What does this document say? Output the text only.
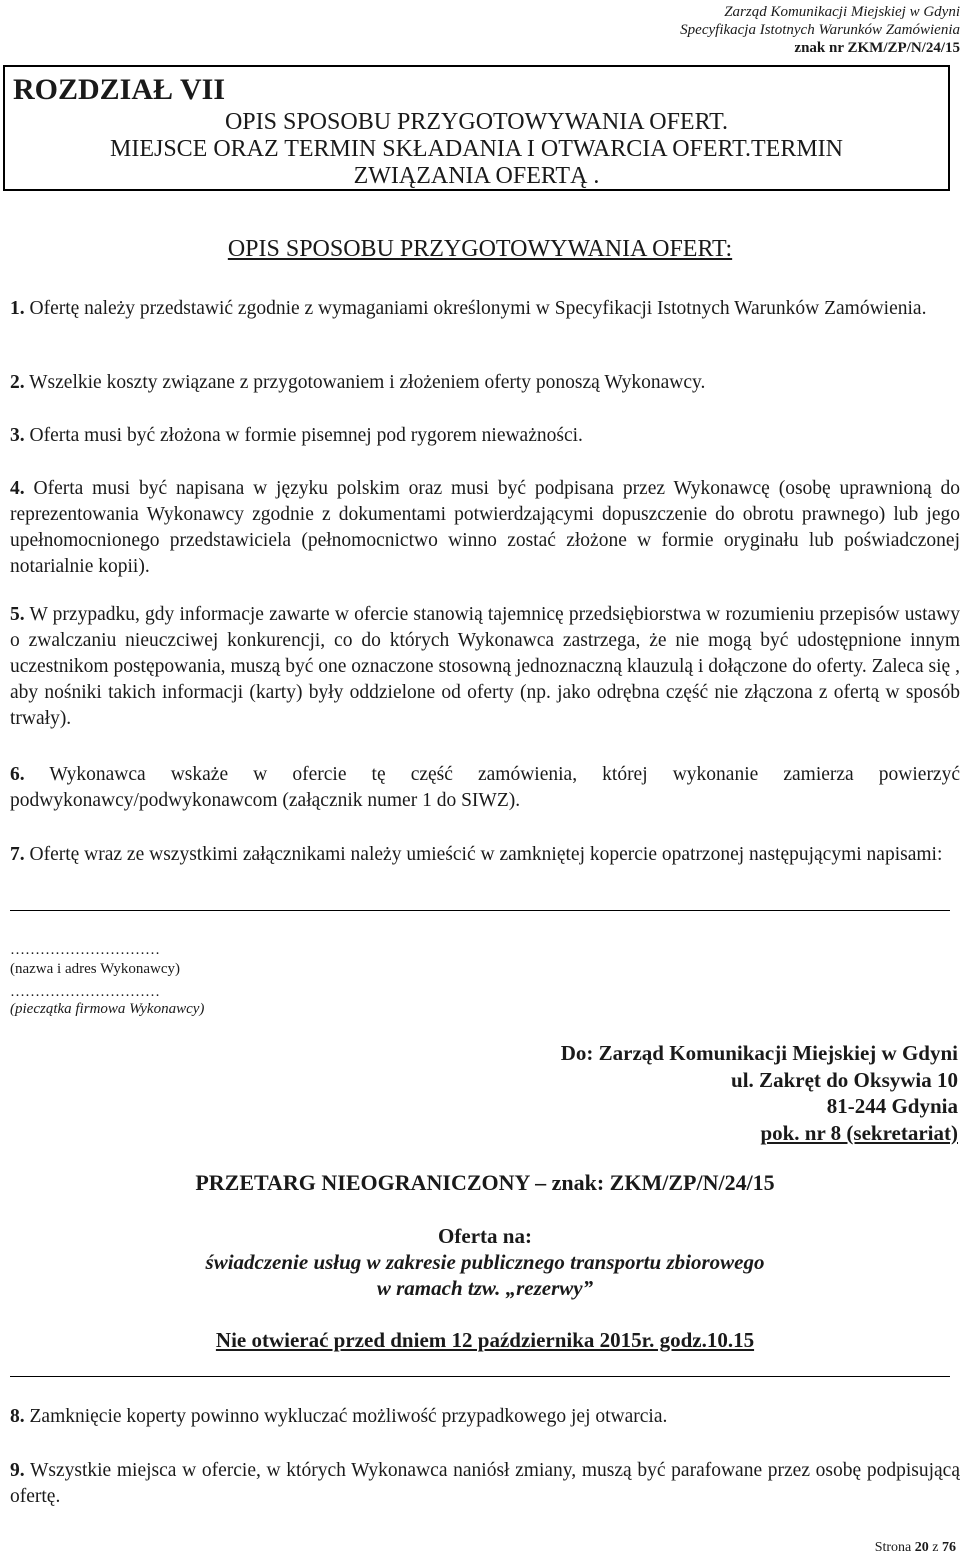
Zarząd Komunikacji Miejskiej w Gdyni
Specyfikacja Istotnych Warunków Zamówienia
znak nr ZKM/ZP/N/24/15
ROZDZIAŁ VII
OPIS SPOSOBU PRZYGOTOWYWANIA OFERT.
MIEJSCE ORAZ TERMIN SKŁADANIA I OTWARCIA OFERT.TERMIN
ZWIĄZANIA OFERTĄ .
OPIS SPOSOBU PRZYGOTOWYWANIA OFERT:
1. Ofertę należy przedstawić zgodnie z wymaganiami określonymi w Specyfikacji Istotnych Warunków Zamówienia.
2. Wszelkie koszty związane z przygotowaniem i złożeniem oferty ponoszą Wykonawcy.
3. Oferta musi być złożona w formie pisemnej pod rygorem nieważności.
4. Oferta musi być napisana w języku polskim oraz musi być podpisana przez Wykonawcę (osobę uprawnioną do reprezentowania Wykonawcy zgodnie z dokumentami potwierdzającymi dopuszczenie do obrotu prawnego) lub jego upełnomocnionego przedstawiciela (pełnomocnictwo winno zostać złożone w formie oryginału lub poświadczonej notarialnie kopii).
5. W przypadku, gdy informacje zawarte w ofercie stanowią tajemnicę przedsiębiorstwa w rozumieniu przepisów ustawy o zwalczaniu nieuczciwej konkurencji, co do których Wykonawca zastrzega, że nie mogą być udostępnione innym uczestnikom postępowania, muszą być one oznaczone stosowną jednoznaczną klauzulą i dołączone do oferty. Zaleca się , aby nośniki takich informacji (karty) były oddzielone od oferty (np. jako odrębna część nie złączona z ofertą w sposób trwały).
6. Wykonawca wskaże w ofercie tę część zamówienia, której wykonanie zamierza powierzyć podwykonawcy/podwykonawcom (załącznik numer 1 do SIWZ).
7. Ofertę wraz ze wszystkimi załącznikami należy umieścić w zamkniętej kopercie opatrzonej następującymi napisami:
…………………………
(nazwa i adres Wykonawcy)
…………………………
(pieczątka firmowa Wykonawcy)
Do: Zarząd Komunikacji Miejskiej w Gdyni
ul. Zakręt do Oksywia 10
81-244 Gdynia
pok. nr 8 (sekretariat)
PRZETARG NIEOGRANICZONY – znak: ZKM/ZP/N/24/15
Oferta na:
świadczenie usług w zakresie publicznego transportu zbiorowego
w ramach tzw. „rezerwy”
Nie otwierać przed dniem 12 października 2015r. godz.10.15
8. Zamknięcie koperty powinno wykluczać możliwość przypadkowego jej otwarcia.
9. Wszystkie miejsca w ofercie, w których Wykonawca naniósł zmiany, muszą być parafowane przez osobę podpisującą ofertę.
Strona 20 z 76
